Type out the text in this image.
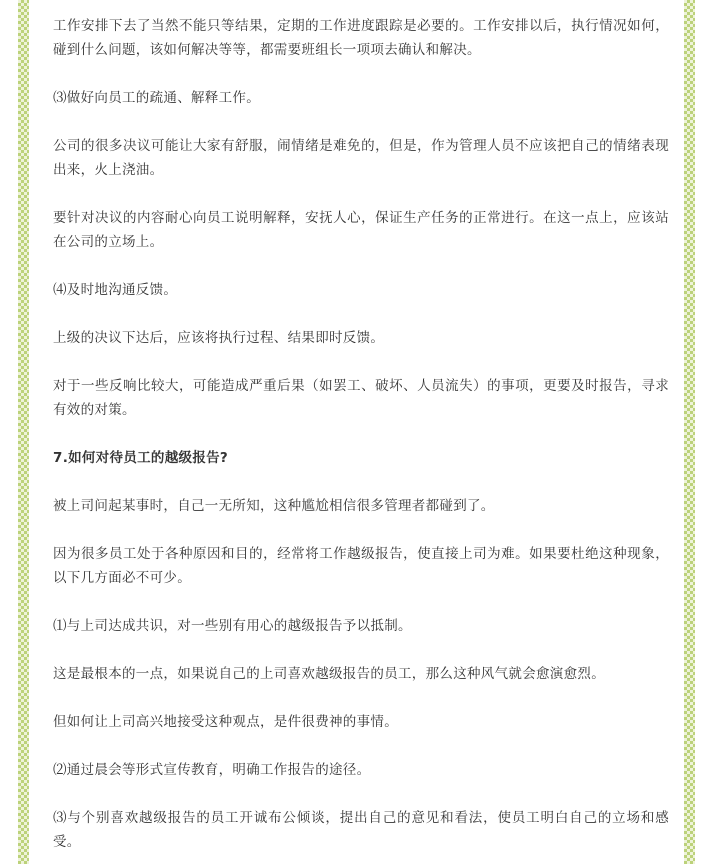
工作安排下去了当然不能只等结果，定期的工作进度跟踪是必要的。工作安排以后，执行情况如何，碰到什么问题，该如何解决等等，都需要班组长一项项去确认和解决。

⑶做好向员工的疏通、解释工作。

公司的很多决议可能让大家有舒服，闹情绪是难免的，但是，作为管理人员不应该把自己的情绪表现出来，火上浇油。

要针对决议的内容耐心向员工说明解释，安抚人心，保证生产任务的正常进行。在这一点上，应该站在公司的立场上。

⑷及时地沟通反馈。

上级的决议下达后，应该将执行过程、结果即时反馈。

对于一些反响比较大，可能造成严重后果（如罢工、破坏、人员流失）的事项，更要及时报告，寻求有效的对策。

7.如何对待员工的越级报告?

被上司问起某事时，自己一无所知，这种尴尬相信很多管理者都碰到了。

因为很多员工处于各种原因和目的，经常将工作越级报告，使直接上司为难。如果要杜绝这种现象，以下几方面必不可少。

⑴与上司达成共识，对一些别有用心的越级报告予以抵制。

这是最根本的一点，如果说自己的上司喜欢越级报告的员工，那么这种风气就会愈演愈烈。

但如何让上司高兴地接受这种观点，是件很费神的事情。

⑵通过晨会等形式宣传教育，明确工作报告的途径。

⑶与个别喜欢越级报告的员工开诚布公倾谈，提出自己的意见和看法，使员工明白自己的立场和感受。
